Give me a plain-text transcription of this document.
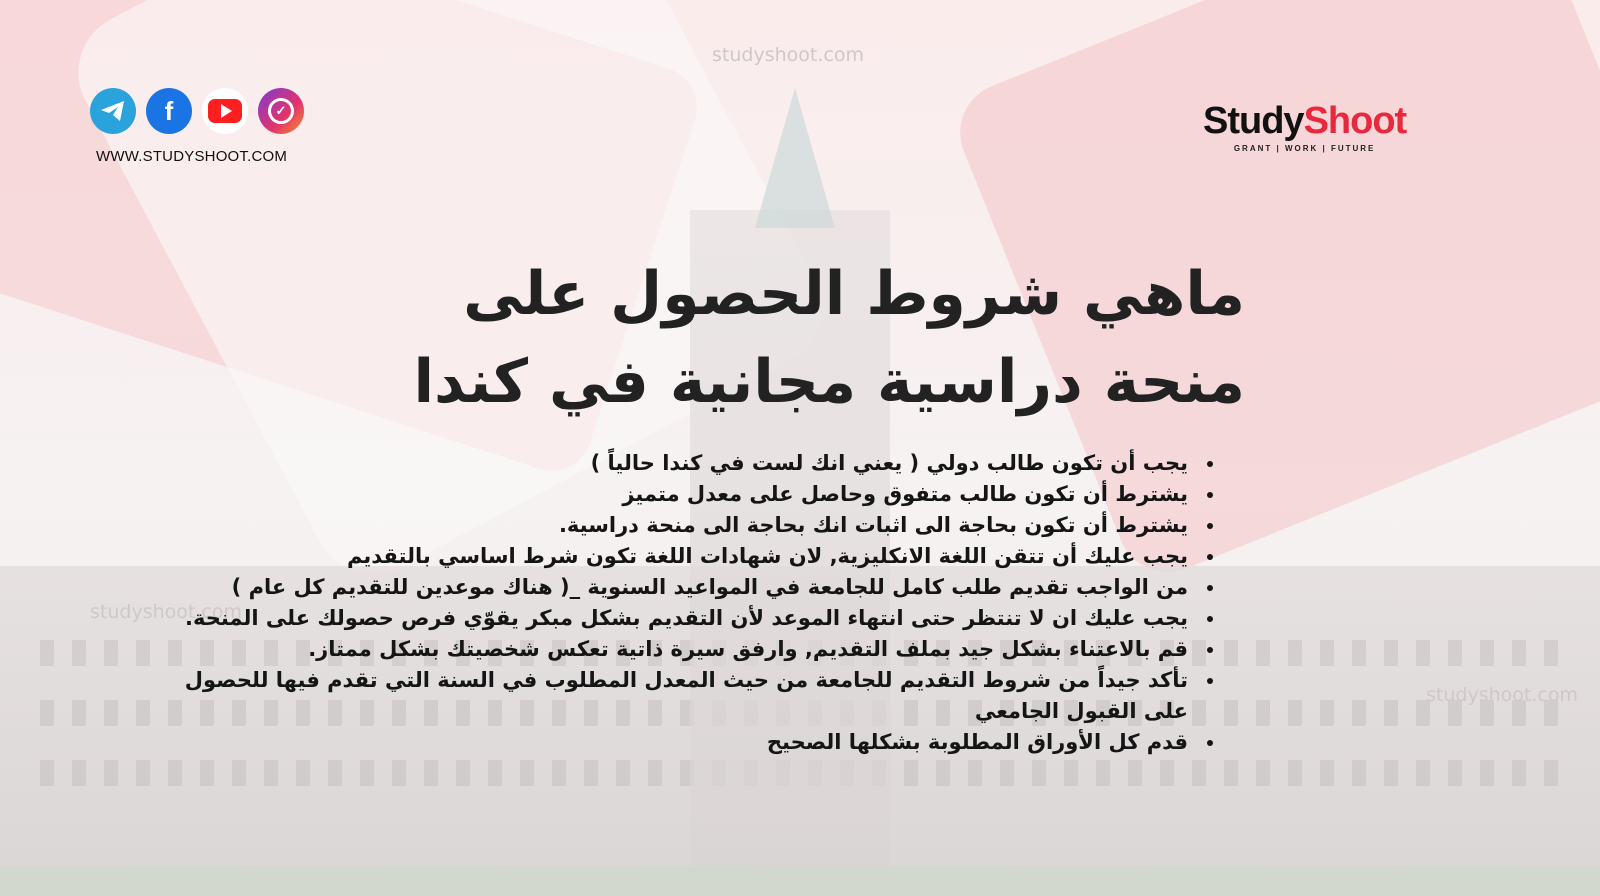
studyshoot.com
studyshoot.com
studyshoot.com
f	✓
WWW.STUDYSHOOT.COM
StudyShoot
GRANT | WORK | FUTURE
ماهي شروط الحصول على
منحة دراسية مجانية في كندا
• يجب أن تكون طالب دولي ( يعني انك لست في كندا حالياً )
• يشترط أن تكون طالب متفوق وحاصل على معدل متميز
• يشترط أن تكون بحاجة الى اثبات انك بحاجة الى منحة دراسية.
• يجب عليك أن تتقن اللغة الانكليزية, لان شهادات اللغة تكون شرط اساسي بالتقديم
• من الواجب تقديم طلب كامل للجامعة في المواعيد السنوية _( هناك موعدين للتقديم كل عام )
• يجب عليك ان لا تنتظر حتى انتهاء الموعد لأن التقديم بشكل مبكر يقوّي فرص حصولك على المنحة.
• قم بالاعتناء بشكل جيد بملف التقديم, وارفق سيرة ذاتية تعكس شخصيتك بشكل ممتاز.
• تأكد جيداً من شروط التقديم للجامعة من حيث المعدل المطلوب في السنة التي تقدم فيها للحصول على القبول الجامعي
• قدم كل الأوراق المطلوبة بشكلها الصحيح
